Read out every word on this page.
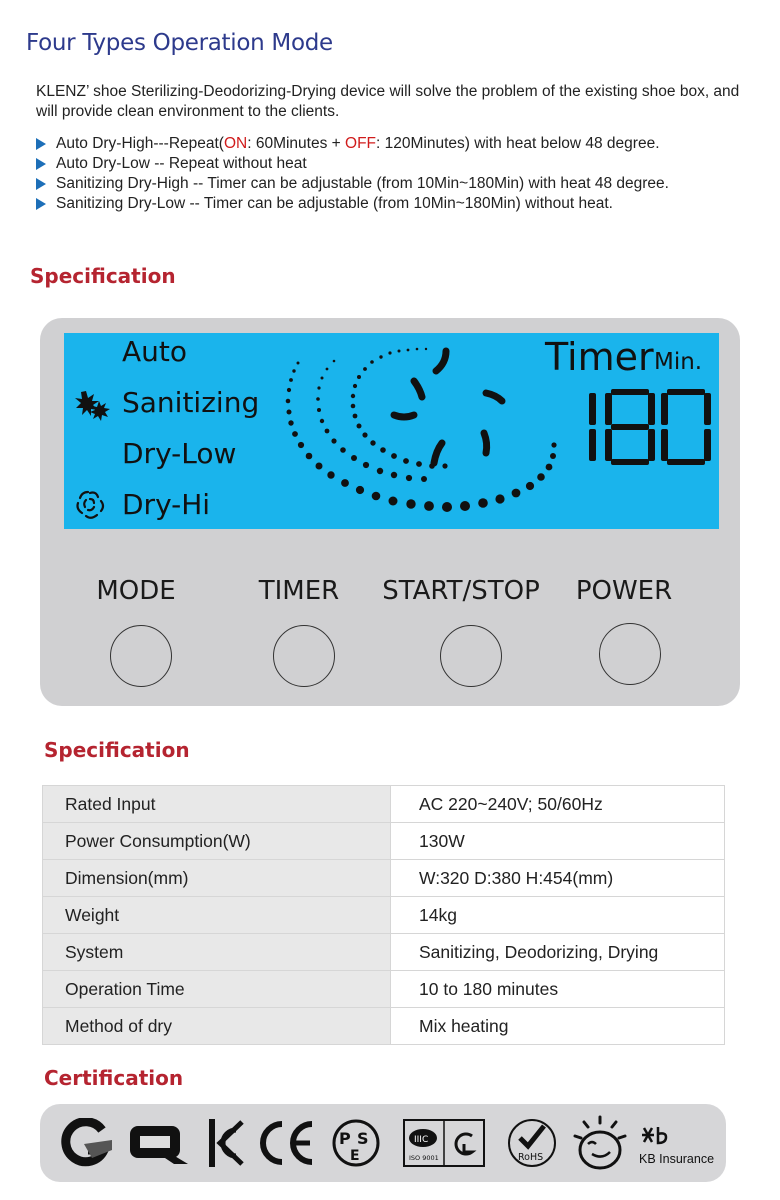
Four Types Operation Mode
KLENZ’ shoe Sterilizing-Deodorizing-Drying device will solve the problem of the existing shoe box, and will provide clean environment to the clients.
Auto Dry-High---Repeat(ON: 60Minutes + OFF: 120Minutes) with heat below 48 degree.
Auto Dry-Low -- Repeat without heat
Sanitizing Dry-High -- Timer can be adjustable (from 10Min~180Min) with heat 48 degree.
Sanitizing Dry-Low -- Timer can be adjustable (from 10Min~180Min) without heat.
Specification
Auto
Sanitizing
Dry-Low
Dry-Hi
Timer Min.
MODE	TIMER	START/STOP	POWER
Specification
Rated Input	AC 220~240V; 50/60Hz
Power Consumption(W)	130W
Dimension(mm)	W:320 D:380 H:454(mm)
Weight	14kg
System	Sanitizing, Deodorizing, Drying
Operation Time	10 to 180 minutes
Method of dry	Mix heating
Certification
P S
E
IIIC
ISO 9001	RoHS	KB Insurance
